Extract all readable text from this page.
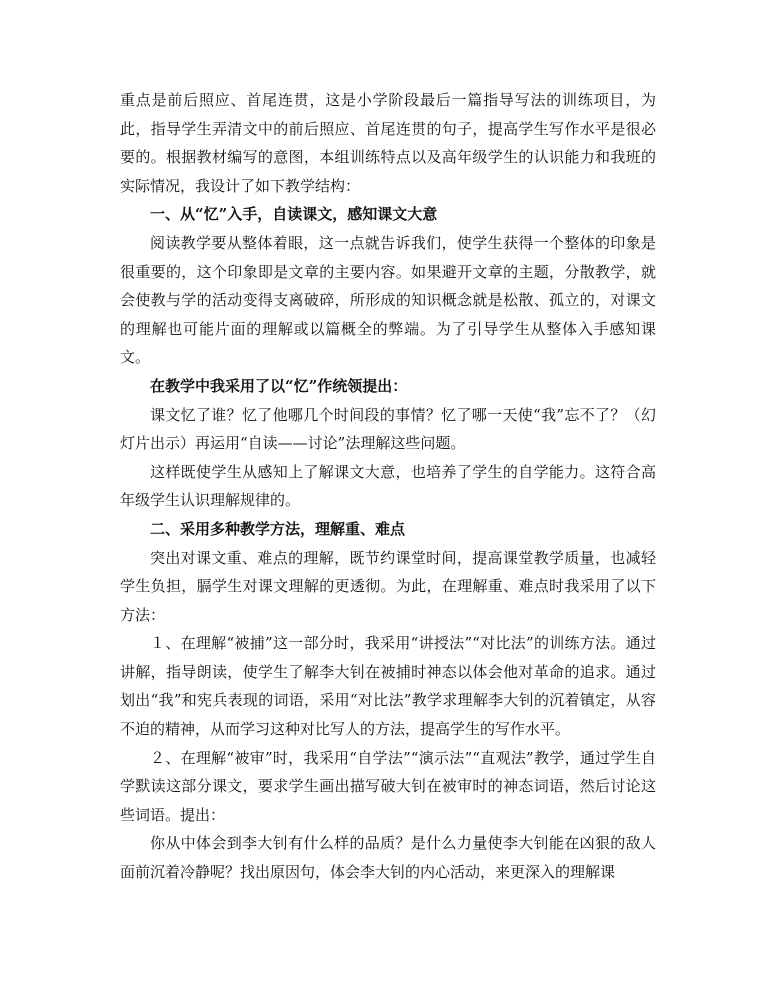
重点是前后照应、首尾连贯，这是小学阶段最后一篇指导写法的训练项目，为此，指导学生弄清文中的前后照应、首尾连贯的句子，提高学生写作水平是很必要的。根据教材编写的意图，本组训练特点以及高年级学生的认识能力和我班的实际情况，我设计了如下教学结构：

一、从“忆”入手，自读课文，感知课文大意

阅读教学要从整体着眼，这一点就告诉我们，使学生获得一个整体的印象是很重要的，这个印象即是文章的主要内容。如果避开文章的主题，分散教学，就会使教与学的活动变得支离破碎，所形成的知识概念就是松散、孤立的，对课文的理解也可能片面的理解或以篇概全的弊端。为了引导学生从整体入手感知课文。

在教学中我采用了以“忆”作统领提出：

课文忆了谁？忆了他哪几个时间段的事情？忆了哪一天使“我”忘不了？（幻灯片出示）再运用“自读——讨论”法理解这些问题。

这样既使学生从感知上了解课文大意，也培养了学生的自学能力。这符合高年级学生认识理解规律的。

二、采用多种教学方法，理解重、难点

突出对课文重、难点的理解，既节约课堂时间，提高课堂教学质量，也减轻学生负担，膈学生对课文理解的更透彻。为此，在理解重、难点时我采用了以下方法：

１、在理解“被捕”这一部分时，我采用“讲授法”“对比法”的训练方法。通过讲解，指导朗读，使学生了解李大钊在被捕时神态以体会他对革命的追求。通过划出“我”和宪兵表现的词语，采用“对比法”教学求理解李大钊的沉着镇定，从容不迫的精神，从而学习这种对比写人的方法，提高学生的写作水平。

２、在理解“被审”时，我采用“自学法”“演示法”“直观法”教学，通过学生自学默读这部分课文，要求学生画出描写破大钊在被审时的神态词语，然后讨论这些词语。提出：

你从中体会到李大钊有什么样的品质？是什么力量使李大钊能在凶狠的敌人面前沉着冷静呢？找出原因句，体会李大钊的内心活动，来更深入的理解课
